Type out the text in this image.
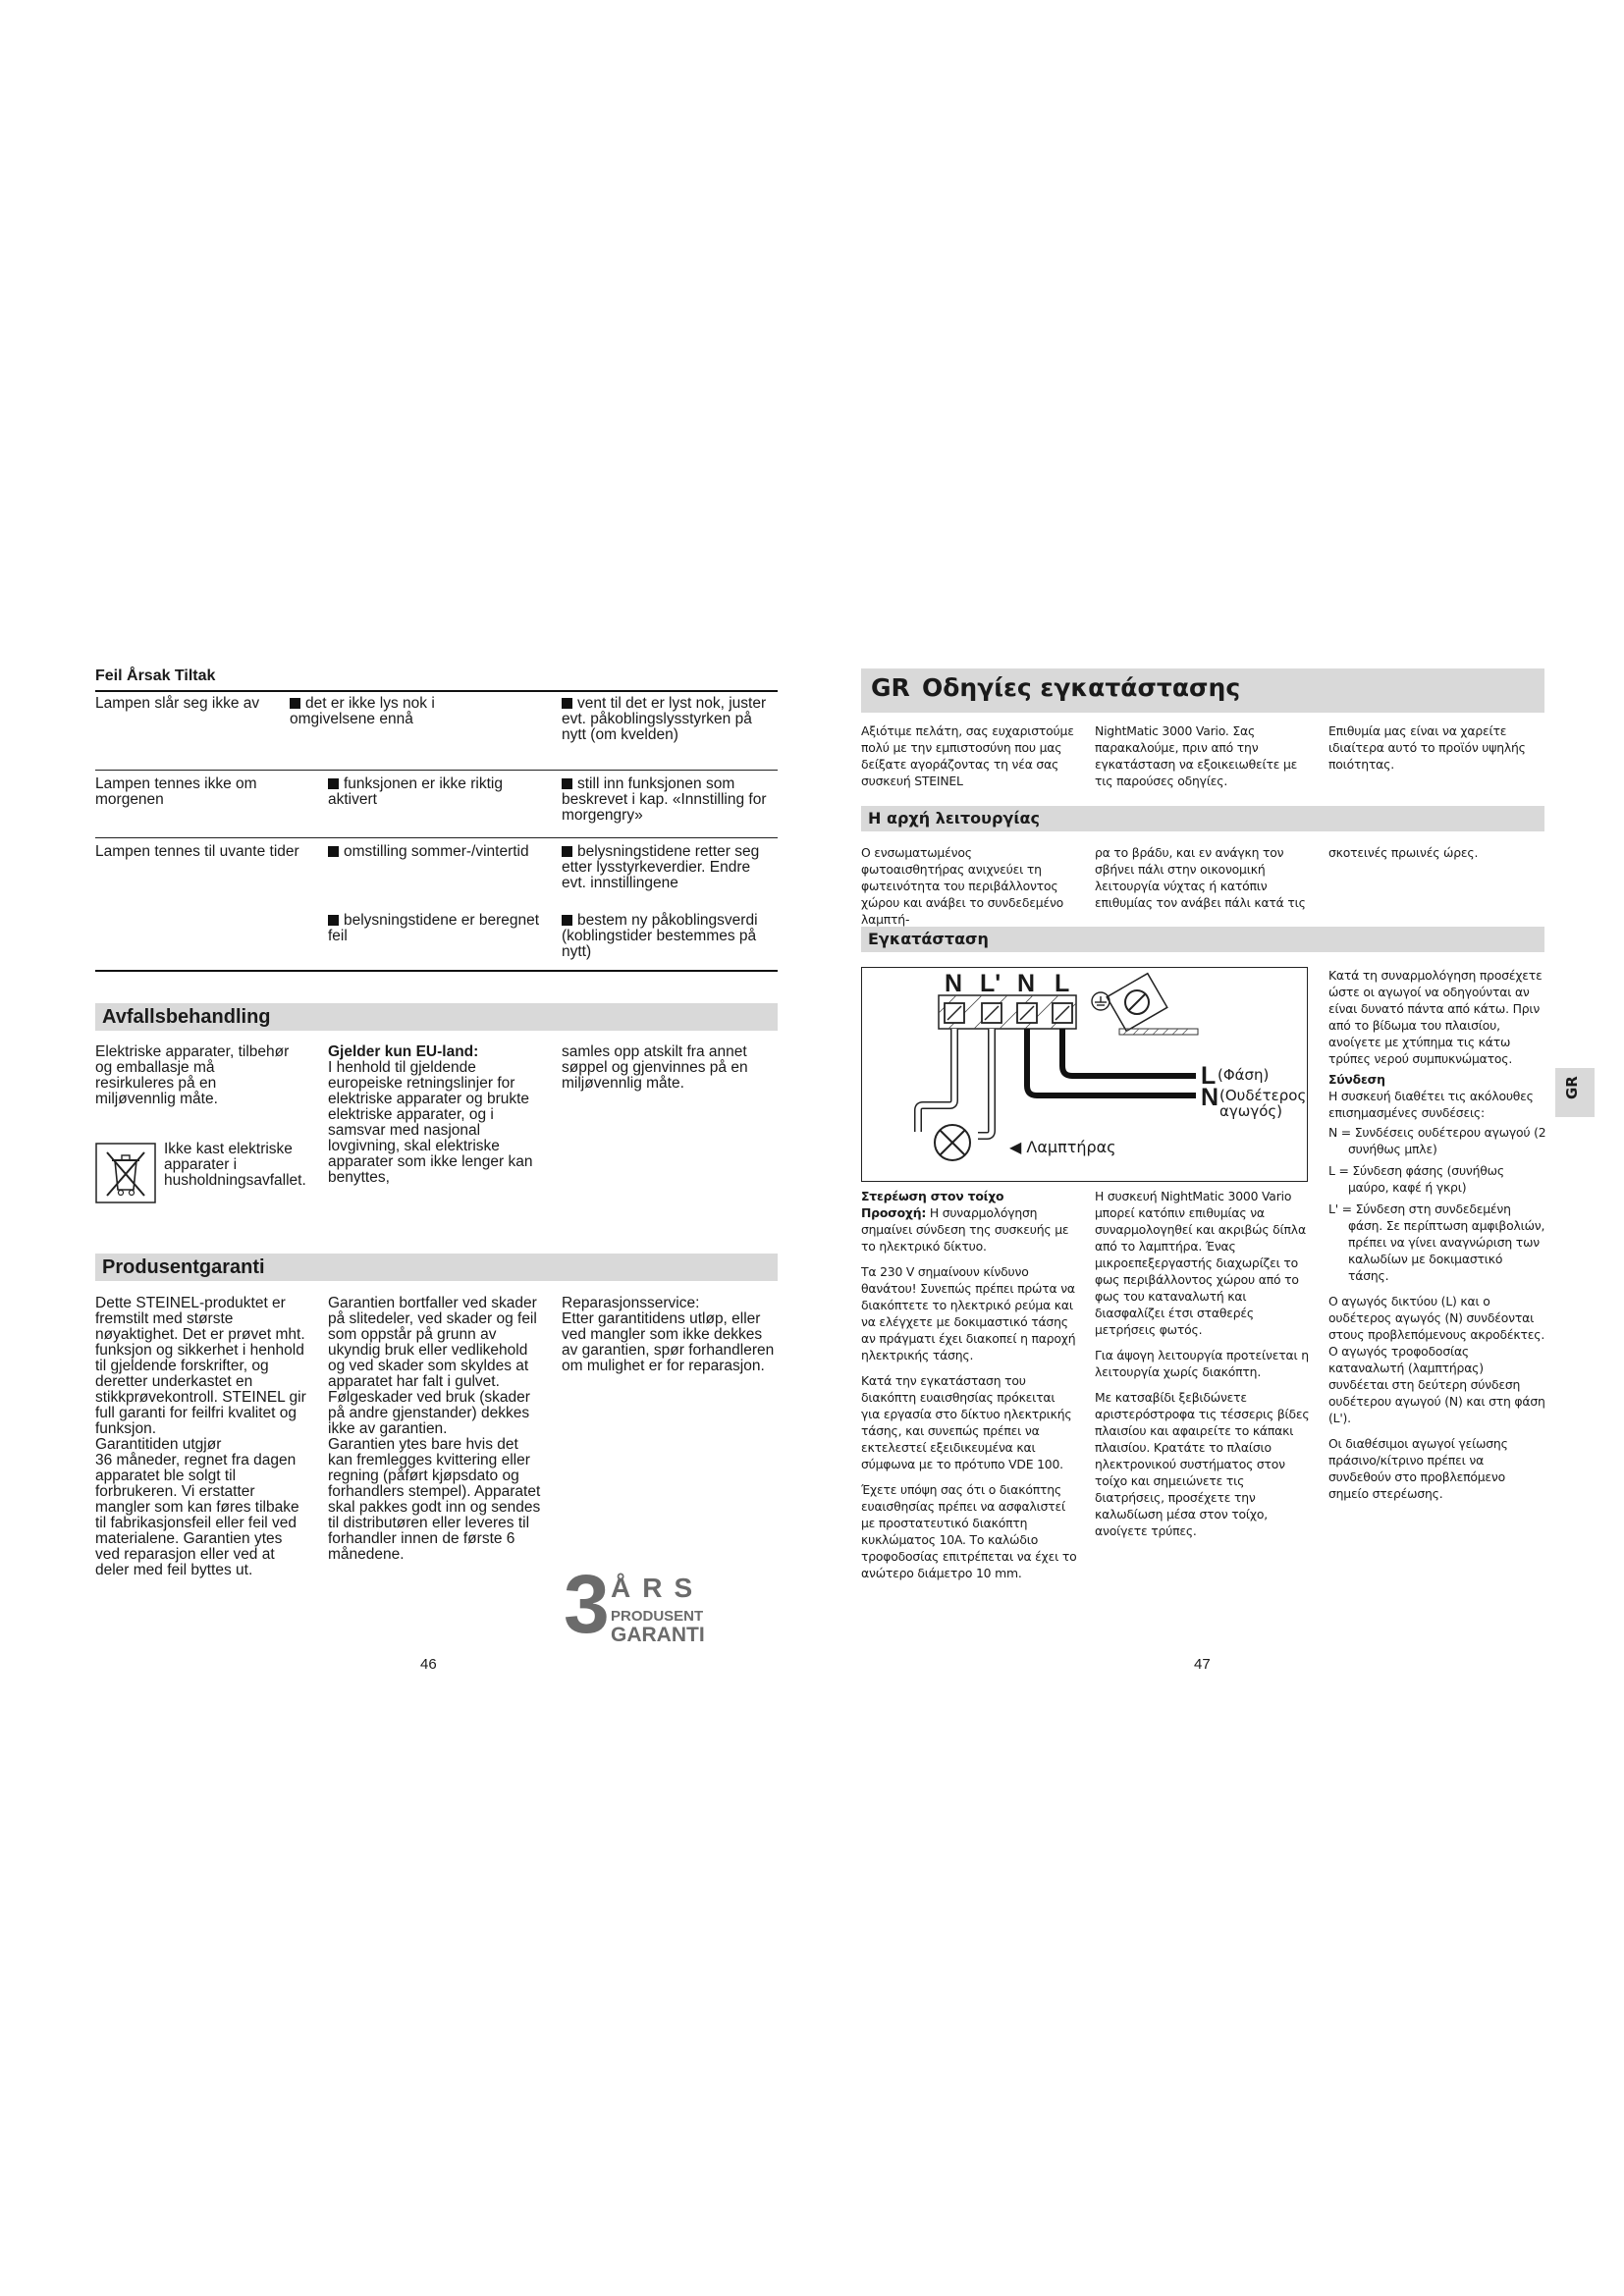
Feil Årsak Tiltak
Lampen slår seg ikke av	det er ikke lys nok i omgivelsene ennå
vent til det er lyst nok, juster evt. påkoblingslysstyrken på nytt (om kvelden)
Lampen tennes ikke om morgenen
funksjonen er ikke riktig aktivert
still inn funksjonen som beskrevet i kap. «Innstilling for morgengry»
Lampen tennes til uvante tider	omstilling sommer-/vintertid
belysningstidene er beregnet feil
belysningstidene retter seg etter lysstyrkeverdier. Endre evt. innstillingene
bestem ny påkoblingsverdi (koblingstider bestemmes på nytt)
Avfallsbehandling
Elektriske apparater, tilbehør og emballasje må resirkuleres på en miljøvennlig måte.
Ikke kast elektriske apparater i husholdningsavfallet.

Gjelder kun EU-land:

I henhold til gjeldende europeiske retningslinjer for elektriske apparater og brukte elektriske apparater, og i samsvar med nasjonal lovgivning, skal elektriske apparater som ikke lenger kan benyttes,

samles opp atskilt fra annet søppel og gjenvinnes på en miljøvennlig måte.
Produsentgaranti
Dette STEINEL-produktet er fremstilt med største nøyaktighet. Det er prøvet mht. funksjon og sikkerhet i henhold til gjeldende forskrifter, og deretter underkastet en stikkprøvekontroll. STEINEL gir full garanti for feilfri kvalitet og funksjon.
Garantitiden utgjør
36 måneder, regnet fra dagen apparatet ble solgt til forbrukeren. Vi erstatter mangler som kan føres tilbake til fabrikasjonsfeil eller feil ved materialene. Garantien ytes ved reparasjon eller ved at deler med feil byttes ut.
Garantien bortfaller ved skader på slitedeler, ved skader og feil som oppstår på grunn av ukyndig bruk eller vedlikehold og ved skader som skyldes at apparatet har falt i gulvet. Følgeskader ved bruk (skader på andre gjenstander) dekkes ikke av garantien.
Garantien ytes bare hvis det kan fremlegges kvittering eller regning (påført kjøpsdato og forhandlers stempel). Apparatet skal pakkes godt inn og sendes til distributøren eller leveres til forhandler innen de første 6 månedene.
Reparasjonsservice:
Etter garantitidens utløp, eller ved mangler som ikke dekkes av garantien, spør forhandleren om mulighet er for reparasjon.
3 ÅRS
PRODUSENT
GARANTI
46
GR Οδηγίες εγκατάστασης
Αξιότιμε πελάτη, σας ευχαριστούμε πολύ με την εμπιστοσύνη που μας δείξατε αγοράζοντας τη νέα σας συσκευή STEINEL
NightMatic 3000 Vario. Σας παρακαλούμε, πριν από την εγκατάσταση να εξοικειωθείτε με τις παρούσες οδηγίες.
Επιθυμία μας είναι να χαρείτε ιδιαίτερα αυτό το προϊόν υψηλής ποιότητας.
Η αρχή λειτουργίας
Ο ενσωματωμένος φωτοαισθητήρας ανιχνεύει τη φωτεινότητα του περιβάλλοντος χώρου και ανάβει το συνδεδεμένο λαμπτή-
ρα το βράδυ, και εν ανάγκη τον σβήνει πάλι στην οικονομική λειτουργία νύχτας ή κατόπιν επιθυμίας τον ανάβει πάλι κατά τις
σκοτεινές πρωινές ώρες.
Εγκατάσταση
N L' N L
L (Φάση)
N (Ουδέτερος αγωγός)
◀ Λαμπτήρας

Κατά τη συναρμολόγηση προσέχετε ώστε οι αγωγοί να οδηγούνται αν είναι δυνατό πάντα από κάτω. Πριν από το βίδωμα του πλαισίου, ανοίγετε με χτύπημα τις κάτω τρύπες νερού συμπυκνώματος.

Σύνδεση

Η συσκευή διαθέτει τις ακόλουθες επισημασμένες συνδέσεις:

N = Συνδέσεις ουδέτερου αγωγού (2 συνήθως μπλε)

L = Σύνδεση φάσης (συνήθως μαύρο, καφέ ή γκρι)

L' = Σύνδεση στη συνδεδεμένη φάση. Σε περίπτωση αμφιβολιών, πρέπει να γίνει αναγνώριση των καλωδίων με δοκιμαστικό τάσης.

Ο αγωγός δικτύου (L) και ο ουδέτερος αγωγός (N) συνδέονται στους προβλεπόμενους ακροδέκτες. Ο αγωγός τροφοδοσίας καταναλωτή (λαμπτήρας) συνδέεται στη δεύτερη σύνδεση ουδέτερου αγωγού (N) και στη φάση (L').

Οι διαθέσιμοι αγωγοί γείωσης πράσινο/κίτρινο πρέπει να συνδεθούν στο προβλεπόμενο σημείο στερέωσης.

Στερέωση στον τοίχο

Προσοχή: Η συναρμολόγηση σημαίνει σύνδεση της συσκευής με το ηλεκτρικό δίκτυο.

Τα 230 V σημαίνουν κίνδυνο θανάτου! Συνεπώς πρέπει πρώτα να διακόπτετε το ηλεκτρικό ρεύμα και να ελέγχετε με δοκιμαστικό τάσης αν πράγματι έχει διακοπεί η παροχή ηλεκτρικής τάσης.

Κατά την εγκατάσταση του διακόπτη ευαισθησίας πρόκειται για εργασία στο δίκτυο ηλεκτρικής τάσης, και συνεπώς πρέπει να εκτελεστεί εξειδικευμένα και σύμφωνα με το πρότυπο VDE 100.

Έχετε υπόψη σας ότι ο διακόπτης ευαισθησίας πρέπει να ασφαλιστεί με προστατευτικό διακόπτη κυκλώματος 10A. Το καλώδιο τροφοδοσίας επιτρέπεται να έχει το ανώτερο διάμετρο 10 mm.

Η συσκευή NightMatic 3000 Vario μπορεί κατόπιν επιθυμίας να συναρμολογηθεί και ακριβώς δίπλα από το λαμπτήρα. Ένας μικροεπεξεργαστής διαχωρίζει το φως περιβάλλοντος χώρου από το φως του καταναλωτή και διασφαλίζει έτσι σταθερές μετρήσεις φωτός.

Για άψογη λειτουργία προτείνεται η λειτουργία χωρίς διακόπτη.

Με κατσαβίδι ξεβιδώνετε αριστερόστροφα τις τέσσερις βίδες πλαισίου και αφαιρείτε το κάπακι πλαισίου. Κρατάτε το πλαίσιο ηλεκτρονικού συστήματος στον τοίχο και σημειώνετε τις διατρήσεις, προσέχετε την καλωδίωση μέσα στον τοίχο, ανοίγετε τρύπες.

GR
47
